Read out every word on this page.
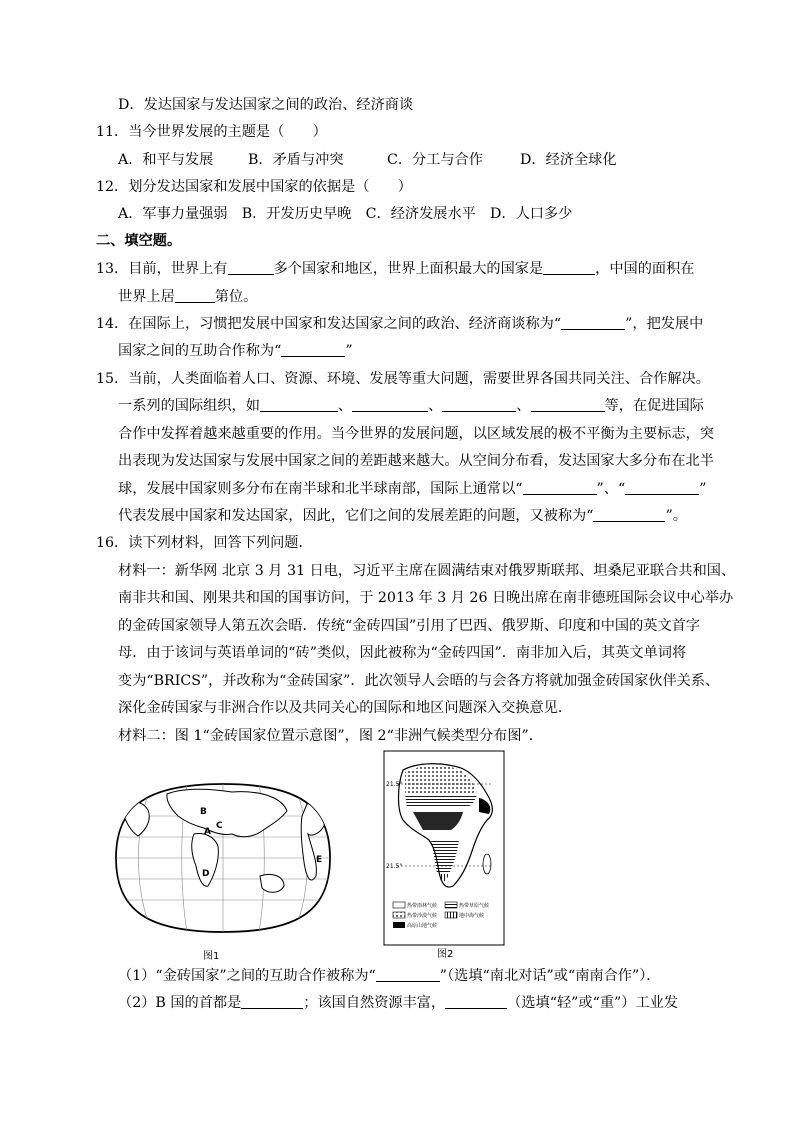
D．发达国家与发达国家之间的政治、经济商谈
11．当今世界发展的主题是（　　）
A．和平与发展 B．矛盾与冲突	C．分工与合作	D．经济全球化
12．划分发达国家和发展中国家的依据是（　　）
A．军事力量强弱　B．开发历史早晚　C．经济发展水平　D．人口多少
二、填空题。
13．目前，世界上有	多个国家和地区，世界上面积最大的国家是	，中国的面积在
世界上居	第位。
14．在国际上，习惯把发展中国家和发达国家之间的政治、经济商谈称为“	”，把发展中
国家之间的互助合作称为“	”
15．当前，人类面临着人口、资源、环境、发展等重大问题，需要世界各国共同关注、合作解决。
一系列的国际组织，如	、	、	、	等，在促进国际
合作中发挥着越来越重要的作用。当今世界的发展问题，以区域发展的极不平衡为主要标志，突
出表现为发达国家与发展中国家之间的差距越来越大。从空间分布看，发达国家大多分布在北半
球，发展中国家则多分布在南半球和北半球南部，国际上通常以“	”、“	”
代表发展中国家和发达国家，因此，它们之间的发展差距的问题，又被称为“	”。
16．读下列材料，回答下列问题．
材料一：新华网 北京 3 月 31 日电，习近平主席在圆满结束对俄罗斯联邦、坦桑尼亚联合共和国、
南非共和国、刚果共和国的国事访问，于 2013 年 3 月 26 日晚出席在南非德班国际会议中心举办
的金砖国家领导人第五次会晤．传统“金砖四国”引用了巴西、俄罗斯、印度和中国的英文首字
母．由于该词与英语单词的“砖”类似，因此被称为“金砖四国”．南非加入后，其英文单词将
变为“BRICS”，并改称为“金砖国家”．此次领导人会晤的与会各方将就加强金砖国家伙伴关系、
深化金砖国家与非洲合作以及共同关心的国际和地区问题深入交换意见．
材料二：图 1“金砖国家位置示意图”，图 2“非洲气候类型分布图”．
B
C
A
D
E
图1
21.5°
21.5°
热带雨林气候	热带草原气候
热带沙漠气候	地中海气候
高原山地气候
图2
（1）“金砖国家”之间的互助合作被称为“	”（选填“南北对话”或“南南合作”）．
（2）B 国的首都是	；该国自然资源丰富，	（选填“轻”或“重”）工业发
